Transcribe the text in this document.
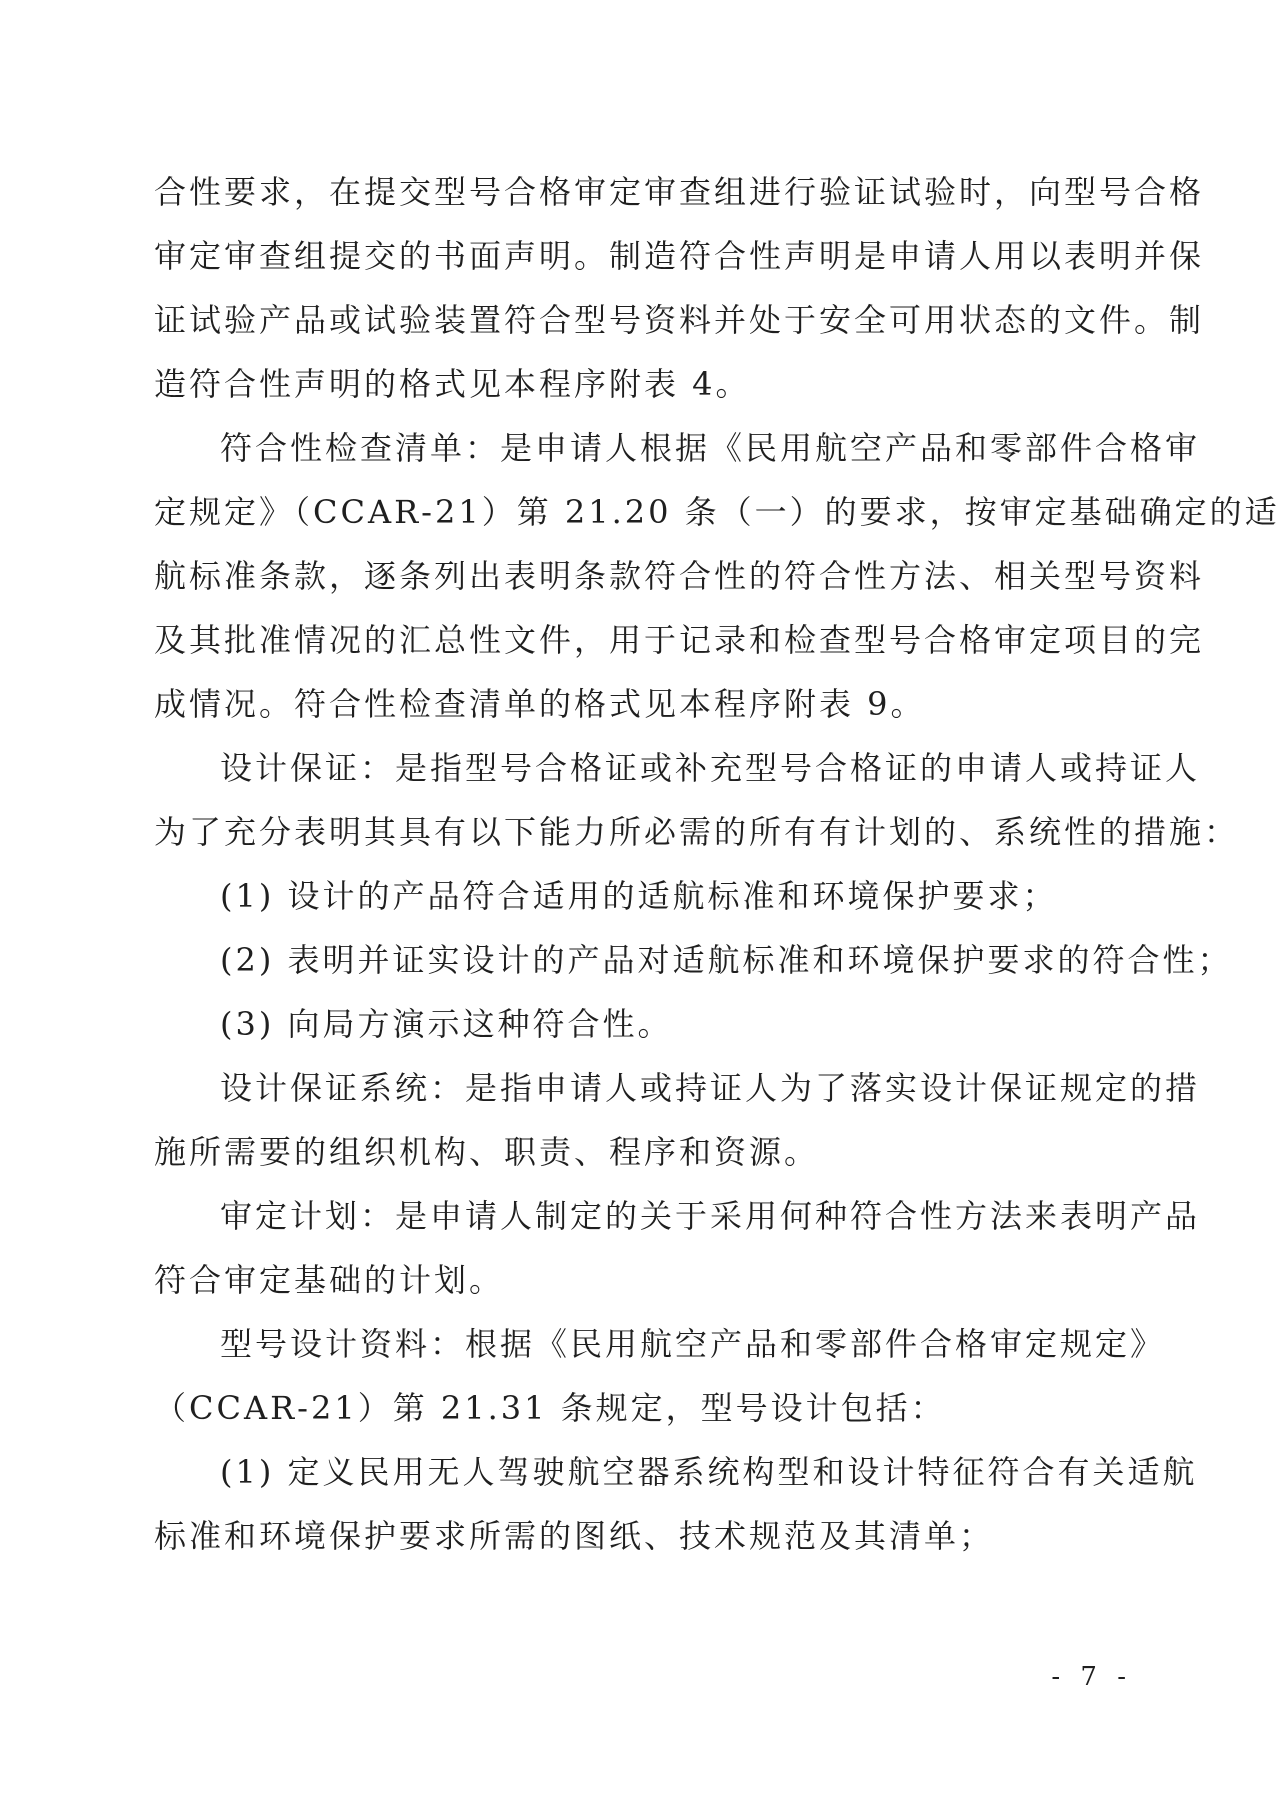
合性要求，在提交型号合格审定审查组进行验证试验时，向型号合格
审定审查组提交的书面声明。制造符合性声明是申请人用以表明并保
证试验产品或试验装置符合型号资料并处于安全可用状态的文件。制
造符合性声明的格式见本程序附表 4。
符合性检查清单：是申请人根据《民用航空产品和零部件合格审
定规定》（CCAR-21）第 21.20 条（一）的要求，按审定基础确定的适
航标准条款，逐条列出表明条款符合性的符合性方法、相关型号资料
及其批准情况的汇总性文件，用于记录和检查型号合格审定项目的完
成情况。符合性检查清单的格式见本程序附表 9。
设计保证：是指型号合格证或补充型号合格证的申请人或持证人
为了充分表明其具有以下能力所必需的所有有计划的、系统性的措施：
(1) 设计的产品符合适用的适航标准和环境保护要求；
(2) 表明并证实设计的产品对适航标准和环境保护要求的符合性；
(3) 向局方演示这种符合性。
设计保证系统：是指申请人或持证人为了落实设计保证规定的措
施所需要的组织机构、职责、程序和资源。
审定计划：是申请人制定的关于采用何种符合性方法来表明产品
符合审定基础的计划。
型号设计资料：根据《民用航空产品和零部件合格审定规定》
（CCAR-21）第 21.31 条规定，型号设计包括：
(1) 定义民用无人驾驶航空器系统构型和设计特征符合有关适航
标准和环境保护要求所需的图纸、技术规范及其清单；
- 7 -
